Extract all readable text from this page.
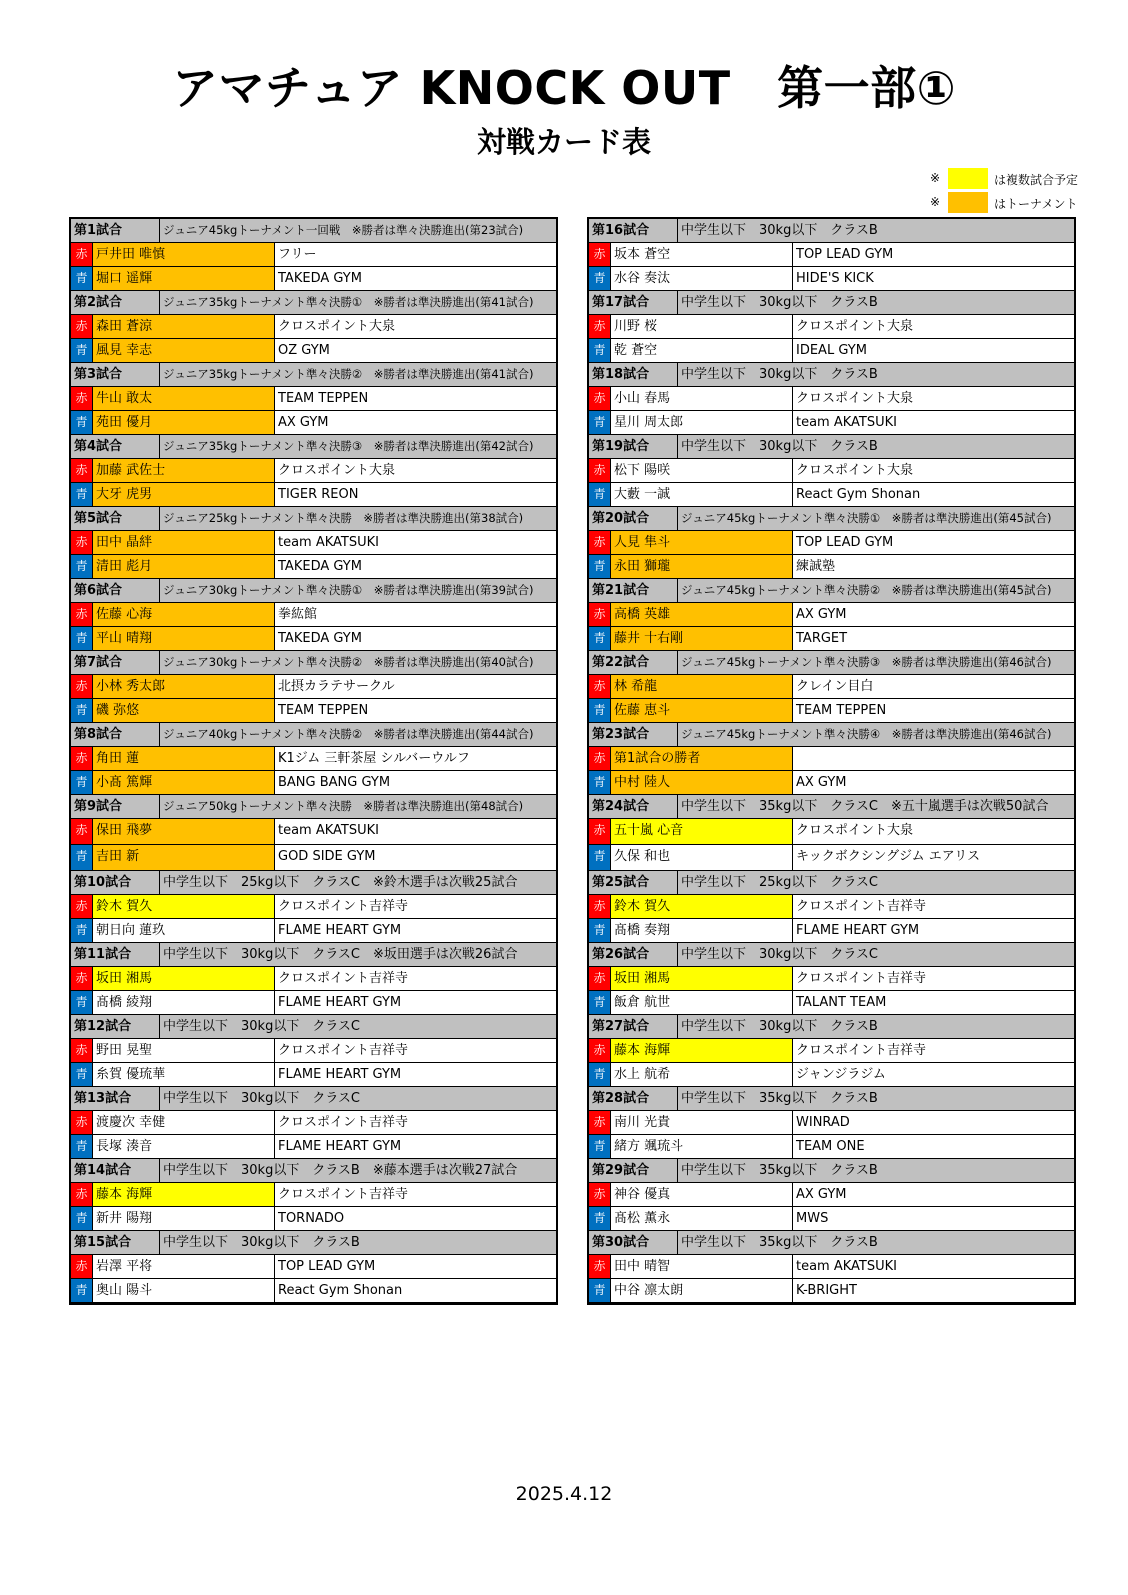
アマチュア KNOCK OUT　第一部①
対戦カード表
※	は複数試合予定
※	はトーナメント
第1試合	ジュニア45kgトーナメント一回戦　※勝者は準々決勝進出(第23試合)
赤 戸井田 唯慎	フリー
青 堀口 遥輝	TAKEDA GYM
第2試合	ジュニア35kgトーナメント準々決勝①　※勝者は準決勝進出(第41試合)
赤 森田 蒼涼	クロスポイント大泉
青 風見 幸志	OZ GYM
第3試合	ジュニア35kgトーナメント準々決勝②　※勝者は準決勝進出(第41試合)
赤 牛山 敢太	TEAM TEPPEN
青 苑田 優月	AX GYM
第4試合	ジュニア35kgトーナメント準々決勝③　※勝者は準決勝進出(第42試合)
赤 加藤 武佐士	クロスポイント大泉
青 大牙 虎男	TIGER REON
第5試合	ジュニア25kgトーナメント準々決勝　※勝者は準決勝進出(第38試合)
赤 田中 晶絆	team AKATSUKI
青 清田 彪月	TAKEDA GYM
第6試合	ジュニア30kgトーナメント準々決勝①　※勝者は準決勝進出(第39試合)
赤 佐藤 心海	拳紘館
青 平山 晴翔	TAKEDA GYM
第7試合	ジュニア30kgトーナメント準々決勝②　※勝者は準決勝進出(第40試合)
赤 小林 秀太郎	北摂カラテサークル
青 磯 弥悠	TEAM TEPPEN
第8試合	ジュニア40kgトーナメント準々決勝②　※勝者は準決勝進出(第44試合)
赤 角田 蓮	K1ジム 三軒茶屋 シルバーウルフ
青 小髙 篤輝	BANG BANG GYM
第9試合	ジュニア50kgトーナメント準々決勝　※勝者は準決勝進出(第48試合)
赤 保田 飛夢	team AKATSUKI
青 吉田 新	GOD SIDE GYM
第10試合	中学生以下　25kg以下　クラスC　※鈴木選手は次戦25試合
赤 鈴木 賀久	クロスポイント吉祥寺
青 朝日向 蓮玖	FLAME HEART GYM
第11試合	中学生以下　30kg以下　クラスC　※坂田選手は次戦26試合
赤 坂田 湘馬	クロスポイント吉祥寺
青 髙橋 綾翔	FLAME HEART GYM
第12試合	中学生以下　30kg以下　クラスC
赤 野田 晃聖	クロスポイント吉祥寺
青 糸賀 優琉華	FLAME HEART GYM
第13試合	中学生以下　30kg以下　クラスC
赤 渡慶次 幸健	クロスポイント吉祥寺
青 長塚 湊音	FLAME HEART GYM
第14試合	中学生以下　30kg以下　クラスB　※藤本選手は次戦27試合
赤 藤本 海輝	クロスポイント吉祥寺
青 新井 陽翔	TORNADO
第15試合	中学生以下　30kg以下　クラスB
赤 岩澤 平将	TOP LEAD GYM
青 奥山 陽斗	React Gym Shonan
第16試合	中学生以下　30kg以下　クラスB
赤 坂本 蒼空	TOP LEAD GYM
青 水谷 奏汰	HIDE'S KICK
第17試合	中学生以下　30kg以下　クラスB
赤 川野 桜	クロスポイント大泉
青 乾 蒼空	IDEAL GYM
第18試合	中学生以下　30kg以下　クラスB
赤 小山 春馬	クロスポイント大泉
青 星川 周太郎	team AKATSUKI
第19試合	中学生以下　30kg以下　クラスB
赤 松下 陽咲	クロスポイント大泉
青 大藪 一誠	React Gym Shonan
第20試合	ジュニア45kgトーナメント準々決勝①　※勝者は準決勝進出(第45試合)
赤 人見 隼斗	TOP LEAD GYM
青 永田 獅瓏	練誠塾
第21試合	ジュニア45kgトーナメント準々決勝②　※勝者は準決勝進出(第45試合)
赤 高橋 英雄	AX GYM
青 藤井 十右剛	TARGET
第22試合	ジュニア45kgトーナメント準々決勝③　※勝者は準決勝進出(第46試合)
赤 林 希龍	クレイン目白
青 佐藤 恵斗	TEAM TEPPEN
第23試合	ジュニア45kgトーナメント準々決勝④　※勝者は準決勝進出(第46試合)
赤 第1試合の勝者
青 中村 陸人	AX GYM
第24試合	中学生以下　35kg以下　クラスC　※五十嵐選手は次戦50試合
赤 五十嵐 心音	クロスポイント大泉
青 久保 和也	キックボクシングジム エアリス
第25試合	中学生以下　25kg以下　クラスC
赤 鈴木 賀久	クロスポイント吉祥寺
青 髙橋 奏翔	FLAME HEART GYM
第26試合	中学生以下　30kg以下　クラスC
赤 坂田 湘馬	クロスポイント吉祥寺
青 飯倉 航世	TALANT TEAM
第27試合	中学生以下　30kg以下　クラスB
赤 藤本 海輝	クロスポイント吉祥寺
青 水上 航希	ジャンジラジム
第28試合	中学生以下　35kg以下　クラスB
赤 南川 光貴	WINRAD
青 緒方 颯琉斗	TEAM ONE
第29試合	中学生以下　35kg以下　クラスB
赤 神谷 優真	AX GYM
青 髙松 薫永	MWS
第30試合	中学生以下　35kg以下　クラスB
赤 田中 晴智	team AKATSUKI
青 中谷 凛太朗	K-BRIGHT
2025.4.12
